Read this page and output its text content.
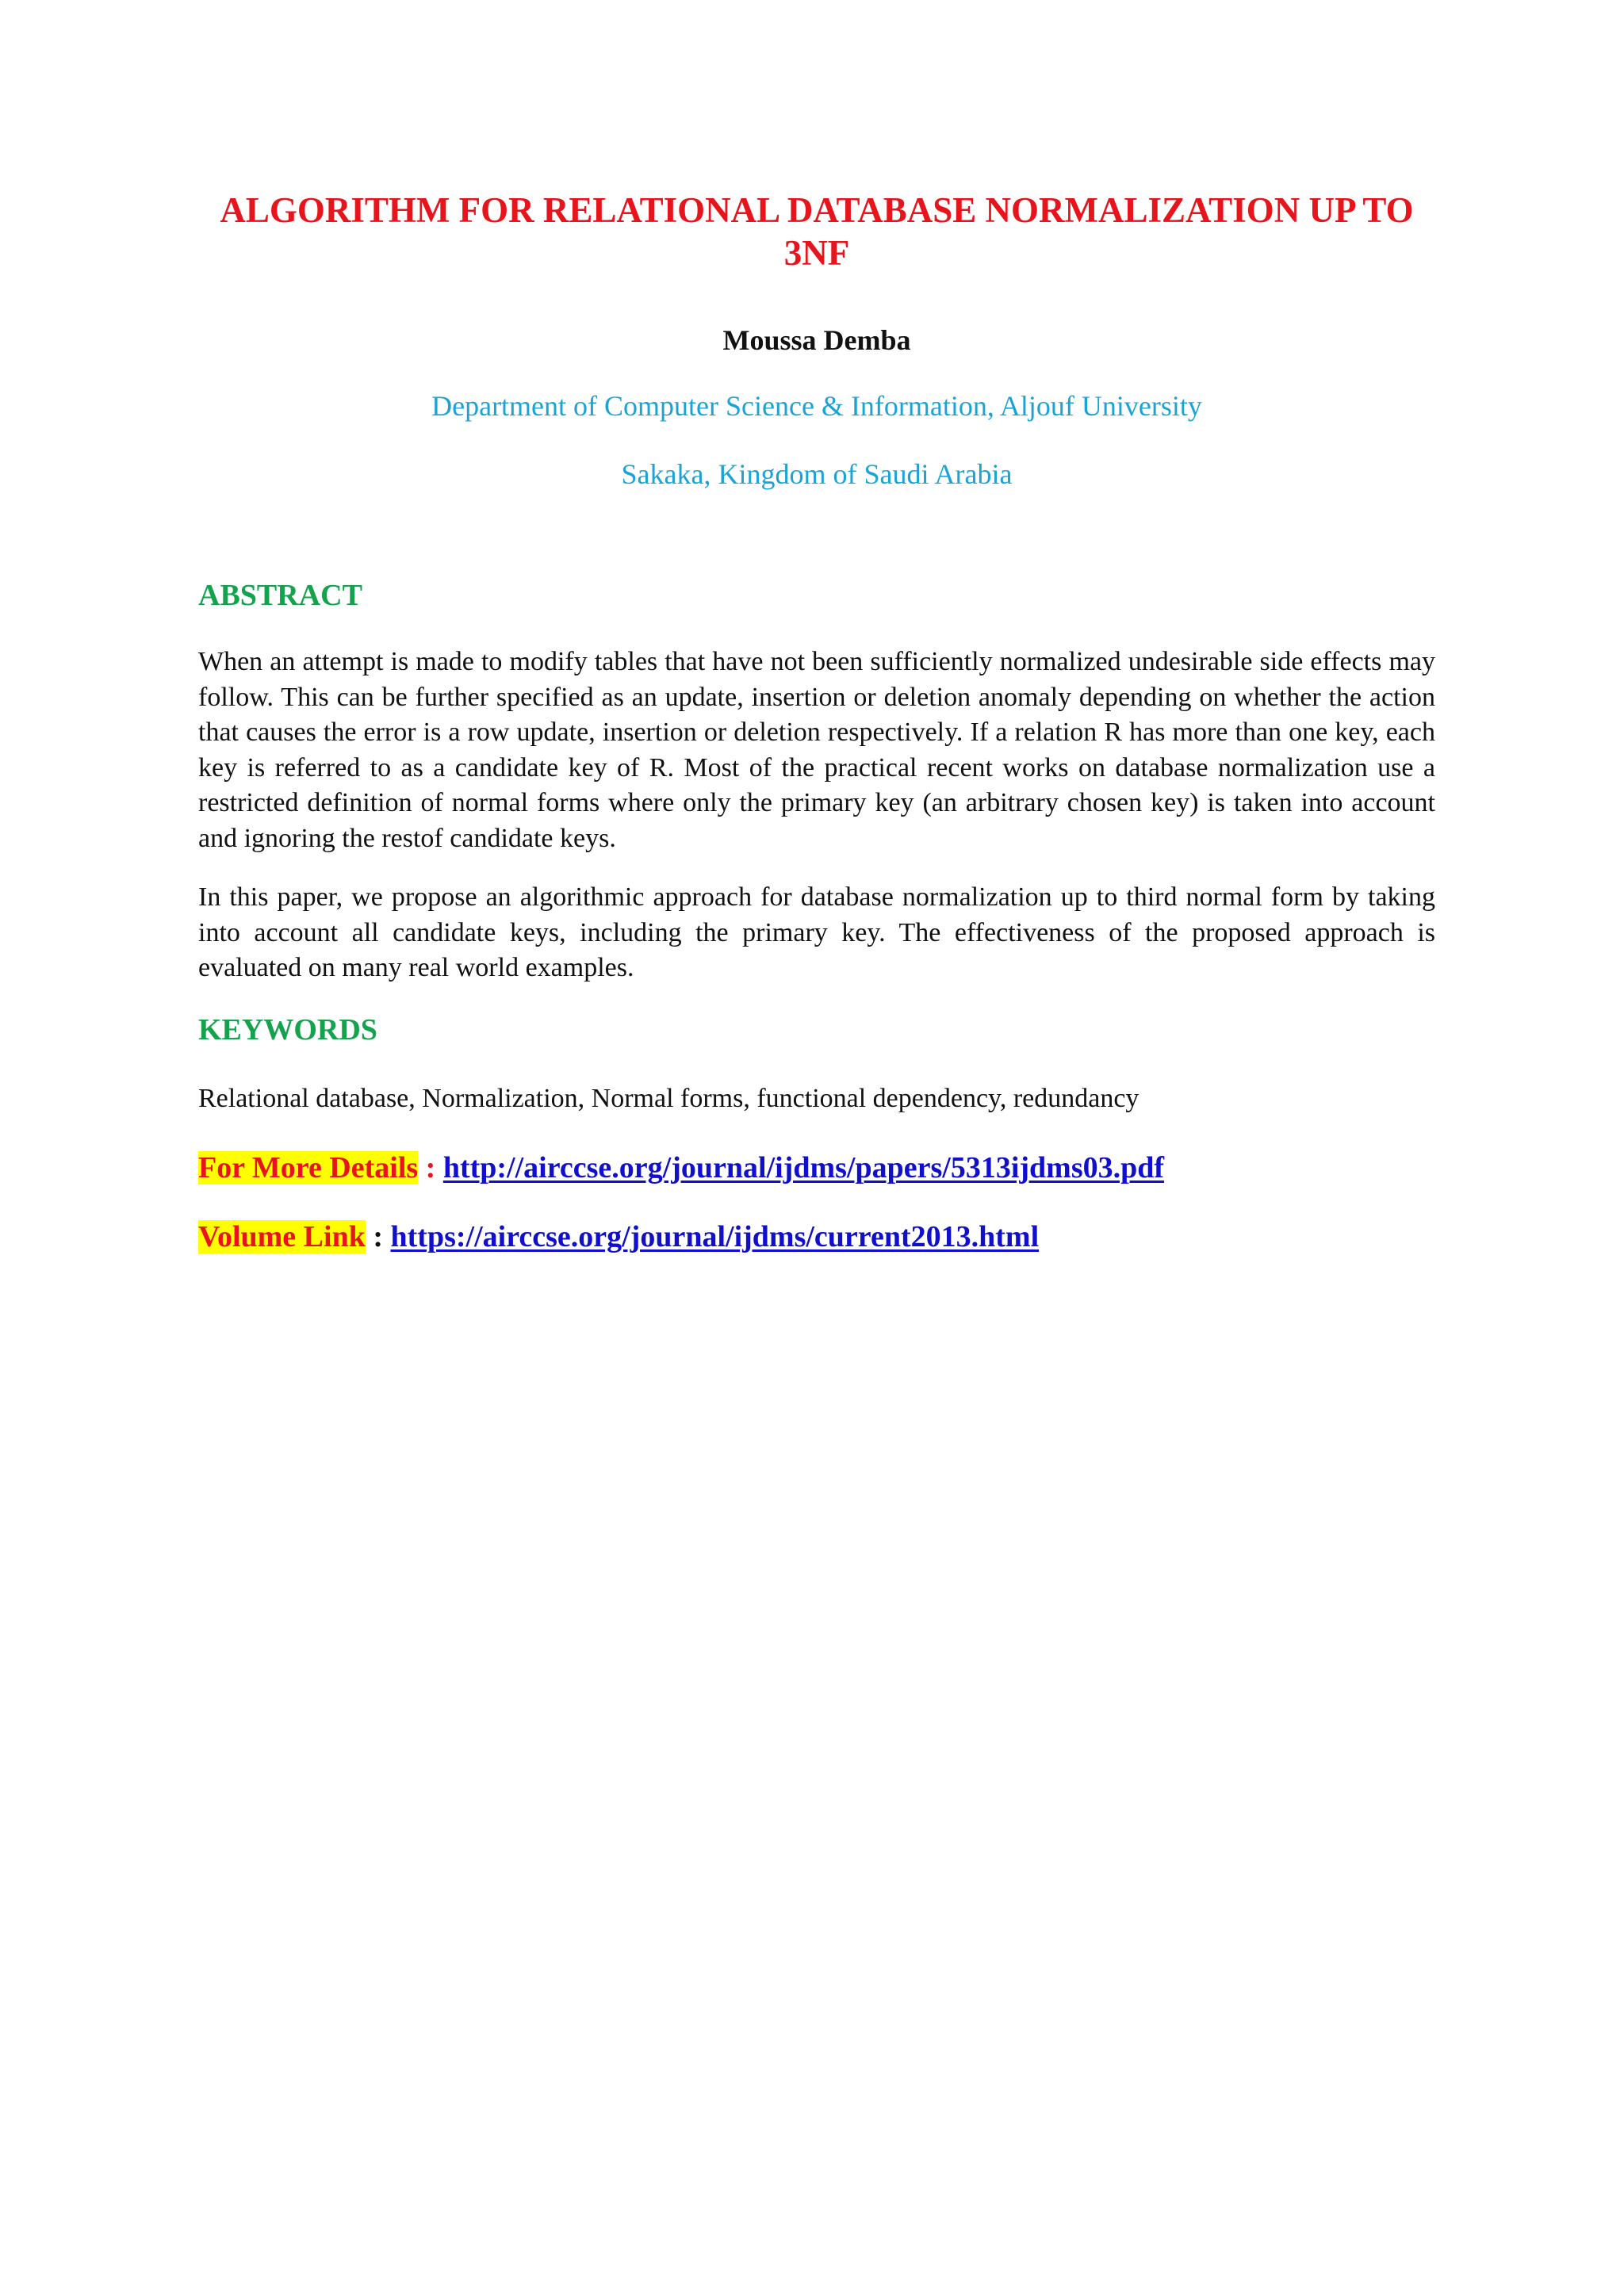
ALGORITHM FOR RELATIONAL DATABASE NORMALIZATION UP TO 3NF
Moussa Demba
Department of Computer Science & Information, Aljouf University
Sakaka, Kingdom of Saudi Arabia
ABSTRACT

When an attempt is made to modify tables that have not been sufficiently normalized undesirable side effects may follow. This can be further specified as an update, insertion or deletion anomaly depending on whether the action that causes the error is a row update, insertion or deletion respectively. If a relation R has more than one key, each key is referred to as a candidate key of R. Most of the practical recent works on database normalization use a restricted definition of normal forms where only the primary key (an arbitrary chosen key) is taken into account and ignoring the restof candidate keys.

In this paper, we propose an algorithmic approach for database normalization up to third normal form by taking into account all candidate keys, including the primary key. The effectiveness of the proposed approach is evaluated on many real world examples.

KEYWORDS
Relational database, Normalization, Normal forms, functional dependency, redundancy
For More Details : http://airccse.org/journal/ijdms/papers/5313ijdms03.pdf
Volume Link : https://airccse.org/journal/ijdms/current2013.html
